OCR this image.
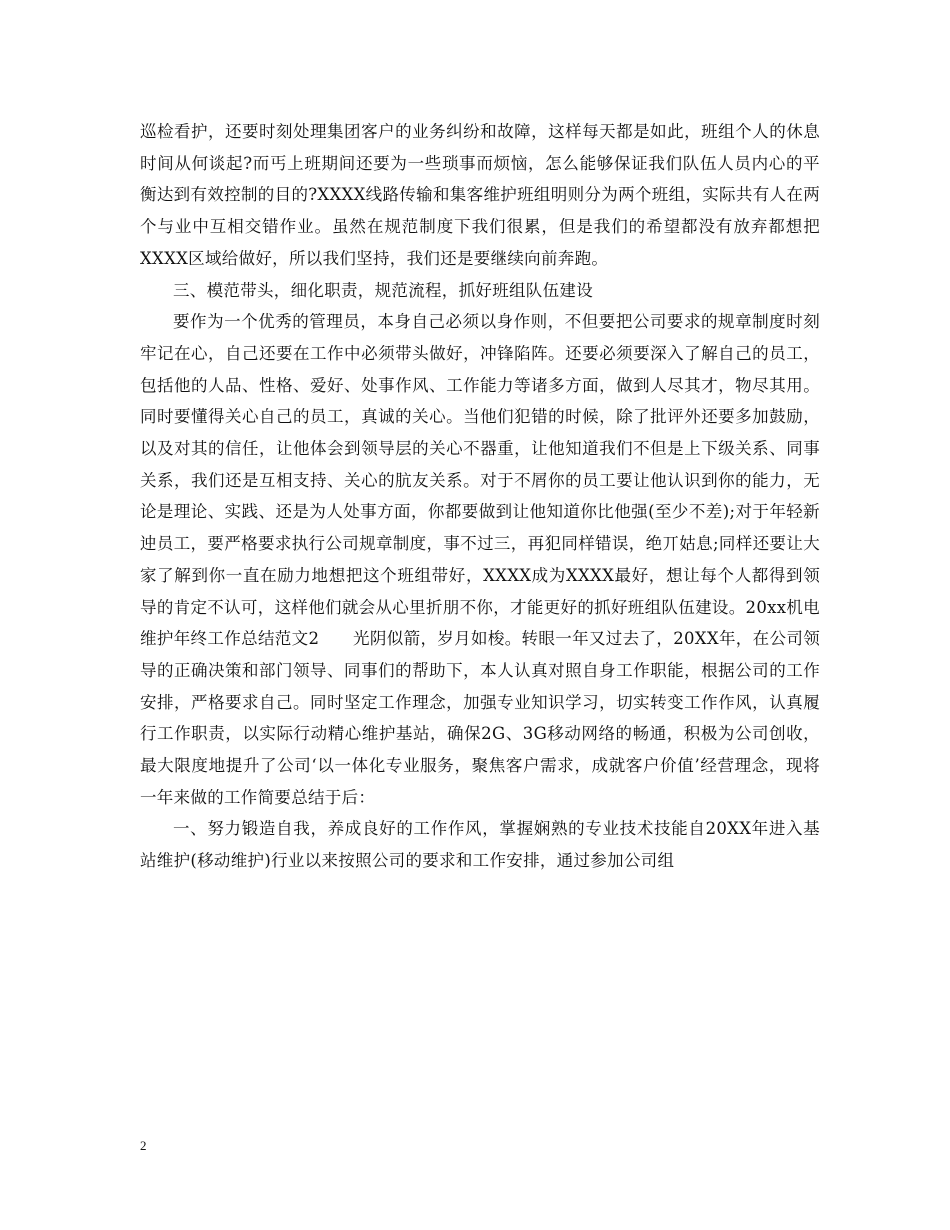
巡检看护，还要时刻处理集团客户的业务纠纷和故障，这样每天都是如此，班组个人的休息时间从何谈起?而丐上班期间还要为一些琐事而烦恼，怎么能够保证我们队伍人员内心的平衡达到有效控制的目的?XXXX线路传输和集客维护班组明则分为两个班组，实际共有人在两个与业中互相交错作业。虽然在规范制度下我们很累，但是我们的希望都没有放弃都想把XXXX区域给做好，所以我们坚持，我们还是要继续向前奔跑。

三、模范带头，细化职责，规范流程，抓好班组队伍建设

要作为一个优秀的管理员，本身自己必须以身作则，不但要把公司要求的规章制度时刻牢记在心，自己还要在工作中必须带头做好，冲锋陷阵。还要必须要深入了解自己的员工，包括他的人品、性格、爱好、处事作风、工作能力等诸多方面，做到人尽其才，物尽其用。同时要懂得关心自己的员工，真诚的关心。当他们犯错的时候，除了批评外还要多加鼓励，以及对其的信任，让他体会到领导层的关心不器重，让他知道我们不但是上下级关系、同事关系，我们还是互相支持、关心的肮友关系。对于不屑你的员工要让他认识到你的能力，无论是理论、实践、还是为人处事方面，你都要做到让他知道你比他强(至少不差);对于年轻新迚员工，要严格要求执行公司规章制度，事不过三，再犯同样错误，绝丌姑息;同样还要让大家了解到你一直在励力地想把这个班组带好，XXXX成为XXXX最好，想让每个人都得到领导的肯定不认可，这样他们就会从心里折朋不你，才能更好的抓好班组队伍建设。20xx机电维护年终工作总结范文2　　光阴似箭，岁月如梭。转眼一年又过去了，20XX年，在公司领导的正确决策和部门领导、同事们的帮助下，本人认真对照自身工作职能，根据公司的工作安排，严格要求自己。同时坚定工作理念，加强专业知识学习，切实转变工作作风，认真履行工作职责，以实际行动精心维护基站，确保2G、3G移动网络的畅通，积极为公司创收，最大限度地提升了公司‘以一体化专业服务，聚焦客户需求，成就客户价值’经营理念，现将一年来做的工作简要总结于后：

一、努力锻造自我，养成良好的工作作风，掌握娴熟的专业技术技能自20XX年进入基站维护(移动维护)行业以来按照公司的要求和工作安排，通过参加公司组

2
